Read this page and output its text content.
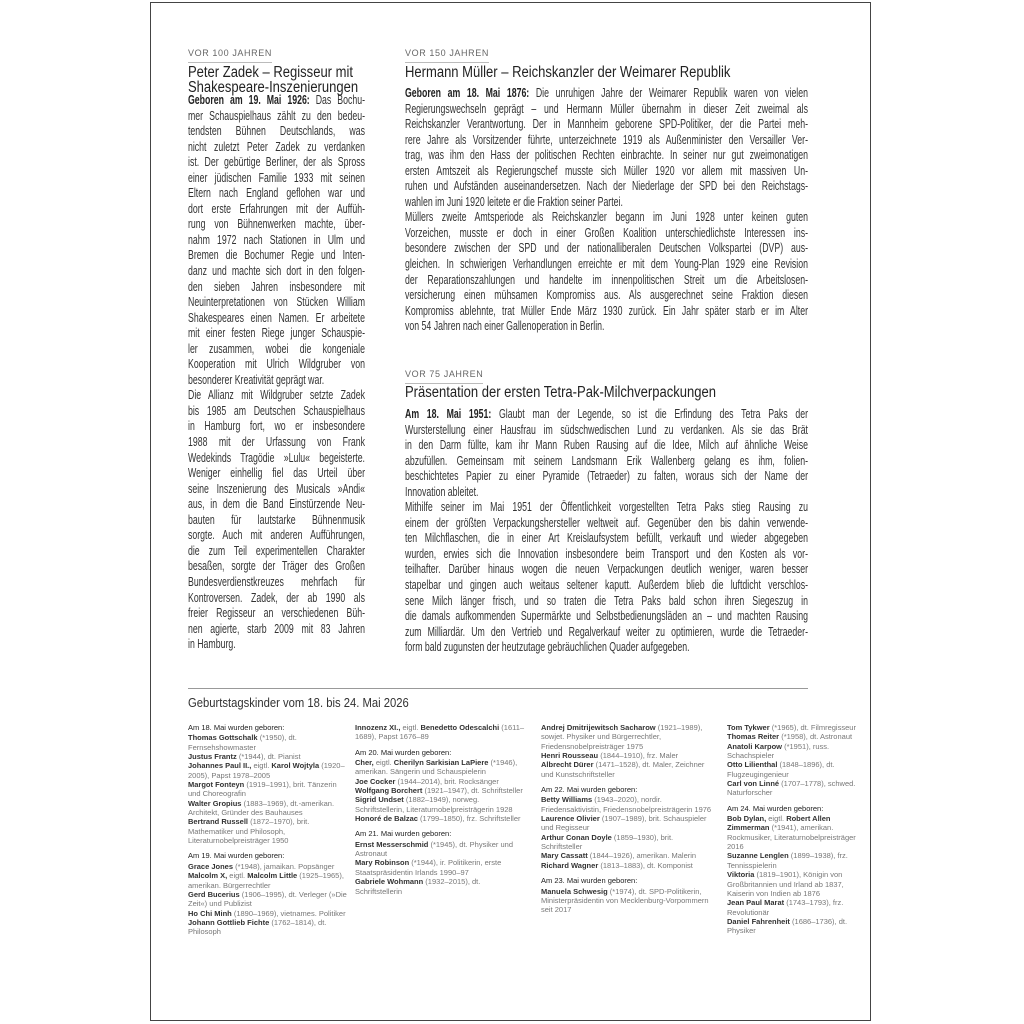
VOR 100 JAHREN
Peter Zadek – Regisseur mit
Shakespeare-Inszenierungen
Geboren am 19. Mai 1926: Das Bochu-
mer Schauspielhaus zählt zu den bedeu-
tendsten Bühnen Deutschlands, was
nicht zuletzt Peter Zadek zu verdanken
ist. Der gebürtige Berliner, der als Spross
einer jüdischen Familie 1933 mit seinen
Eltern nach England geflohen war und
dort erste Erfahrungen mit der Auffüh-
rung von Bühnenwerken machte, über-
nahm 1972 nach Stationen in Ulm und
Bremen die Bochumer Regie und Inten-
danz und machte sich dort in den folgen-
den sieben Jahren insbesondere mit
Neuinterpretationen von Stücken William
Shakespeares einen Namen. Er arbeitete
mit einer festen Riege junger Schauspie-
ler zusammen, wobei die kongeniale
Kooperation mit Ulrich Wildgruber von
besonderer Kreativität geprägt war.
Die Allianz mit Wildgruber setzte Zadek
bis 1985 am Deutschen Schauspielhaus
in Hamburg fort, wo er insbesondere
1988 mit der Urfassung von Frank
Wedekinds Tragödie »Lulu« begeisterte.
Weniger einhellig fiel das Urteil über
seine Inszenierung des Musicals »Andi«
aus, in dem die Band Einstürzende Neu-
bauten für lautstarke Bühnenmusik
sorgte. Auch mit anderen Aufführungen,
die zum Teil experimentellen Charakter
besaßen, sorgte der Träger des Großen
Bundesverdienstkreuzes mehrfach für
Kontroversen. Zadek, der ab 1990 als
freier Regisseur an verschiedenen Büh-
nen agierte, starb 2009 mit 83 Jahren
in Hamburg.
VOR 150 JAHREN
Hermann Müller – Reichskanzler der Weimarer Republik
Geboren am 18. Mai 1876: Die unruhigen Jahre der Weimarer Republik waren von vielen
Regierungswechseln geprägt – und Hermann Müller übernahm in dieser Zeit zweimal als
Reichskanzler Verantwortung. Der in Mannheim geborene SPD-Politiker, der die Partei meh-
rere Jahre als Vorsitzender führte, unterzeichnete 1919 als Außenminister den Versailler Ver-
trag, was ihm den Hass der politischen Rechten einbrachte. In seiner nur gut zweimonatigen
ersten Amtszeit als Regierungschef musste sich Müller 1920 vor allem mit massiven Un-
ruhen und Aufständen auseinandersetzen. Nach der Niederlage der SPD bei den Reichstags-
wahlen im Juni 1920 leitete er die Fraktion seiner Partei.
Müllers zweite Amtsperiode als Reichskanzler begann im Juni 1928 unter keinen guten
Vorzeichen, musste er doch in einer Großen Koalition unterschiedlichste Interessen ins-
besondere zwischen der SPD und der nationalliberalen Deutschen Volkspartei (DVP) aus-
gleichen. In schwierigen Verhandlungen erreichte er mit dem Young-Plan 1929 eine Revision
der Reparationszahlungen und handelte im innenpolitischen Streit um die Arbeitslosen-
versicherung einen mühsamen Kompromiss aus. Als ausgerechnet seine Fraktion diesen
Kompromiss ablehnte, trat Müller Ende März 1930 zurück. Ein Jahr später starb er im Alter
von 54 Jahren nach einer Gallenoperation in Berlin.
VOR 75 JAHREN
Präsentation der ersten Tetra-Pak-Milchverpackungen
Am 18. Mai 1951: Glaubt man der Legende, so ist die Erfindung des Tetra Paks der
Wursterstellung einer Hausfrau im südschwedischen Lund zu verdanken. Als sie das Brät
in den Darm füllte, kam ihr Mann Ruben Rausing auf die Idee, Milch auf ähnliche Weise
abzufüllen. Gemeinsam mit seinem Landsmann Erik Wallenberg gelang es ihm, folien-
beschichtetes Papier zu einer Pyramide (Tetraeder) zu falten, woraus sich der Name der
Innovation ableitet.
Mithilfe seiner im Mai 1951 der Öffentlichkeit vorgestellten Tetra Paks stieg Rausing zu
einem der größten Verpackungshersteller weltweit auf. Gegenüber den bis dahin verwende-
ten Milchflaschen, die in einer Art Kreislaufsystem befüllt, verkauft und wieder abgegeben
wurden, erwies sich die Innovation insbesondere beim Transport und den Kosten als vor-
teilhafter. Darüber hinaus wogen die neuen Verpackungen deutlich weniger, waren besser
stapelbar und gingen auch weitaus seltener kaputt. Außerdem blieb die luftdicht verschlos-
sene Milch länger frisch, und so traten die Tetra Paks bald schon ihren Siegeszug in
die damals aufkommenden Supermärkte und Selbstbedienungsläden an – und machten Rausing
zum Milliardär. Um den Vertrieb und Regalverkauf weiter zu optimieren, wurde die Tetraeder-
form bald zugunsten der heutzutage gebräuchlichen Quader aufgegeben.
Geburtstagskinder vom 18. bis 24. Mai 2026
Am 18. Mai wurden geboren:
Thomas Gottschalk (*1950), dt. Fernsehshowmaster
Justus Frantz (*1944), dt. Pianist
Johannes Paul II., eigtl. Karol Wojtyla (1920–2005), Papst 1978–2005
Margot Fonteyn (1919–1991), brit. Tänzerin und Choreografin
Walter Gropius (1883–1969), dt.-amerikan. Architekt, Gründer des Bauhauses
Bertrand Russell (1872–1970), brit. Mathematiker und Philosoph, Literaturnobelpreisträger 1950
Am 19. Mai wurden geboren:
Grace Jones (*1948), jamaikan. Popsänger
Malcolm X, eigtl. Malcolm Little (1925–1965), amerikan. Bürgerrechtler
Gerd Bucerius (1906–1995), dt. Verleger (»Die Zeit«) und Publizist
Ho Chi Minh (1890–1969), vietnames. Politiker
Johann Gottlieb Fichte (1762–1814), dt. Philosoph
Innozenz XI., eigtl. Benedetto Odescalchi (1611–1689), Papst 1676–89
Am 20. Mai wurden geboren:
Cher, eigtl. Cherilyn Sarkisian LaPiere (*1946), amerikan. Sängerin und Schauspielerin
Joe Cocker (1944–2014), brit. Rocksänger
Wolfgang Borchert (1921–1947), dt. Schriftsteller
Sigrid Undset (1882–1949), norweg. Schriftstellerin, Literaturnobelpreisträgerin 1928
Honoré de Balzac (1799–1850), frz. Schriftsteller
Am 21. Mai wurden geboren:
Ernst Messerschmid (*1945), dt. Physiker und Astronaut
Mary Robinson (*1944), ir. Politikerin, erste Staatspräsidentin Irlands 1990–97
Gabriele Wohmann (1932–2015), dt. Schriftstellerin
Andrej Dmitrijewitsch Sacharow (1921–1989), sowjet. Physiker und Bürgerrechtler, Friedensnobelpreisträger 1975
Henri Rousseau (1844–1910), frz. Maler
Albrecht Dürer (1471–1528), dt. Maler, Zeichner und Kunstschriftsteller
Am 22. Mai wurden geboren:
Betty Williams (1943–2020), nordir. Friedensaktivistin, Friedensnobelpreisträgerin 1976
Laurence Olivier (1907–1989), brit. Schauspieler und Regisseur
Arthur Conan Doyle (1859–1930), brit. Schriftsteller
Mary Cassatt (1844–1926), amerikan. Malerin
Richard Wagner (1813–1883), dt. Komponist
Am 23. Mai wurden geboren:
Manuela Schwesig (*1974), dt. SPD-Politikerin, Ministerpräsidentin von Mecklenburg-Vorpommern seit 2017
Tom Tykwer (*1965), dt. Filmregisseur
Thomas Reiter (*1958), dt. Astronaut
Anatoli Karpow (*1951), russ. Schachspieler
Otto Lilienthal (1848–1896), dt. Flugzeugingenieur
Carl von Linné (1707–1778), schwed. Naturforscher
Am 24. Mai wurden geboren:
Bob Dylan, eigtl. Robert Allen Zimmerman (*1941), amerikan. Rockmusiker, Literaturnobelpreisträger 2016
Suzanne Lenglen (1899–1938), frz. Tennisspielerin
Viktoria (1819–1901), Königin von Großbritannien und Irland ab 1837, Kaiserin von Indien ab 1876
Jean Paul Marat (1743–1793), frz. Revolutionär
Daniel Fahrenheit (1686–1736), dt. Physiker
